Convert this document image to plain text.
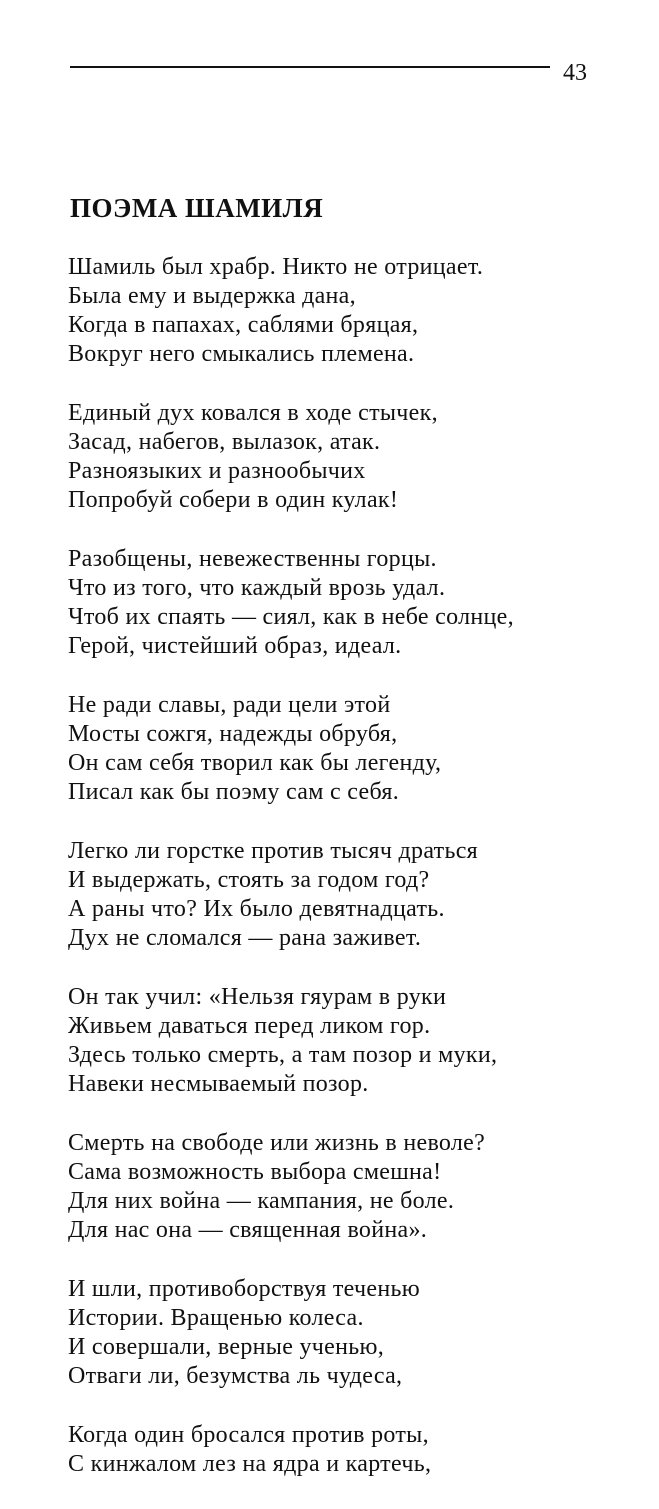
43
ПОЭМА ШАМИЛЯ
Шамиль был храбр. Никто не отрицает.
Была ему и выдержка дана,
Когда в папахах, саблями бряцая,
Вокруг него смыкались племена.
Единый дух ковался в ходе стычек,
Засад, набегов, вылазок, атак.
Разноязыких и разнообычих
Попробуй собери в один кулак!
Разобщены, невежественны горцы.
Что из того, что каждый врозь удал.
Чтоб их спаять — сиял, как в небе солнце,
Герой, чистейший образ, идеал.
Не ради славы, ради цели этой
Мосты сожгя, надежды обрубя,
Он сам себя творил как бы легенду,
Писал как бы поэму сам с себя.
Легко ли горстке против тысяч драться
И выдержать, стоять за годом год?
А раны что? Их было девятнадцать.
Дух не сломался — рана заживет.
Он так учил: «Нельзя гяурам в руки
Живьем даваться перед ликом гор.
Здесь только смерть, а там позор и муки,
Навеки несмываемый позор.
Смерть на свободе или жизнь в неволе?
Сама возможность выбора смешна!
Для них война — кампания, не боле.
Для нас она — священная война».
И шли, противоборствуя теченью
Истории. Вращенью колеса.
И совершали, верные ученью,
Отваги ли, безумства ль чудеса,
Когда один бросался против роты,
С кинжалом лез на ядра и картечь,
